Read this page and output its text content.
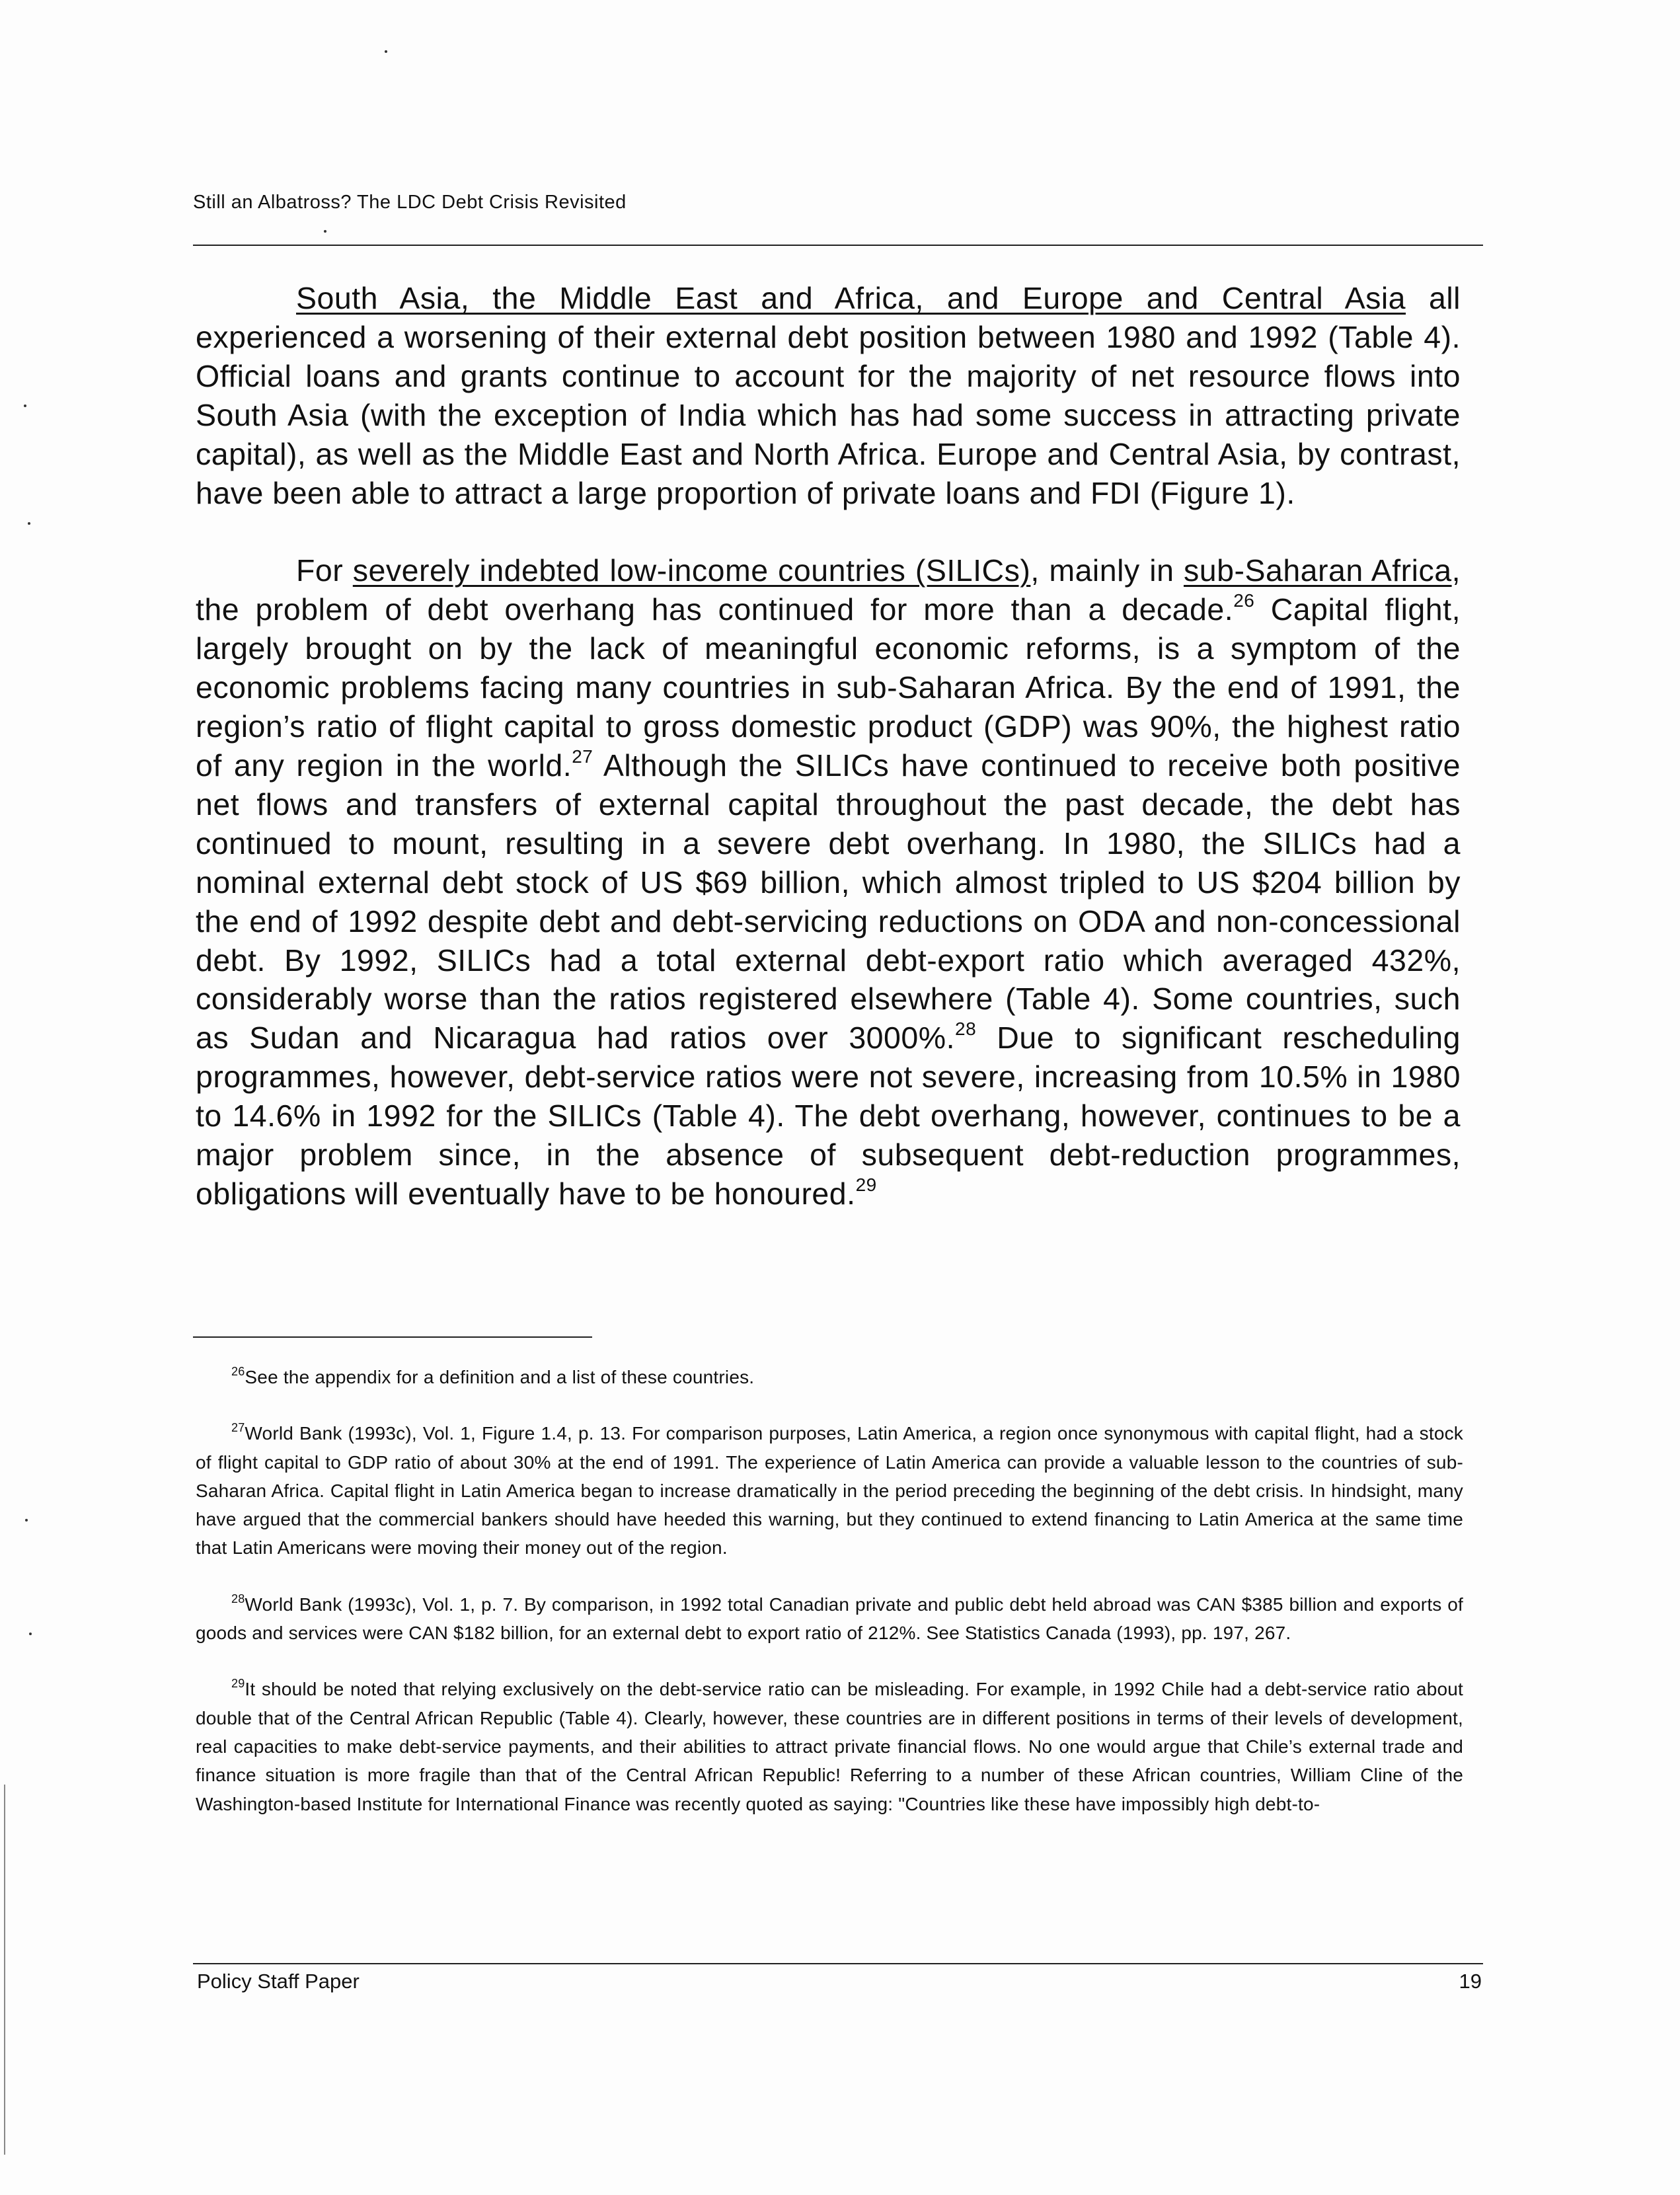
Still an Albatross? The LDC Debt Crisis Revisited

South Asia, the Middle East and Africa, and Europe and Central Asia all experienced a worsening of their external debt position between 1980 and 1992 (Table 4). Official loans and grants continue to account for the majority of net resource flows into South Asia (with the exception of India which has had some success in attracting private capital), as well as the Middle East and North Africa. Europe and Central Asia, by contrast, have been able to attract a large proportion of private loans and FDI (Figure 1).

For severely indebted low-income countries (SILICs), mainly in sub-Saharan Africa, the problem of debt overhang has continued for more than a decade.$^{26}$ Capital flight, largely brought on by the lack of meaningful economic reforms, is a symptom of the economic problems facing many countries in sub-Saharan Africa. By the end of 1991, the region’s ratio of flight capital to gross domestic product (GDP) was 90%, the highest ratio of any region in the world.$^{27}$ Although the SILICs have continued to receive both positive net flows and transfers of external capital throughout the past decade, the debt has continued to mount, resulting in a severe debt overhang. In 1980, the SILICs had a nominal external debt stock of US $69 billion, which almost tripled to US $204 billion by the end of 1992 despite debt and debt-servicing reductions on ODA and non-concessional debt. By 1992, SILICs had a total external debt-export ratio which averaged 432%, considerably worse than the ratios registered elsewhere (Table 4). Some countries, such as Sudan and Nicaragua had ratios over 3000%.$^{28}$ Due to significant rescheduling programmes, however, debt-service ratios were not severe, increasing from 10.5% in 1980 to 14.6% in 1992 for the SILICs (Table 4). The debt overhang, however, continues to be a major problem since, in the absence of subsequent debt-reduction programmes, obligations will eventually have to be honoured.$^{29}$

$^{26}$See the appendix for a definition and a list of these countries.

$^{27}$World Bank (1993c), Vol. 1, Figure 1.4, p. 13. For comparison purposes, Latin America, a region once synonymous with capital flight, had a stock of flight capital to GDP ratio of about 30% at the end of 1991. The experience of Latin America can provide a valuable lesson to the countries of sub-Saharan Africa. Capital flight in Latin America began to increase dramatically in the period preceding the beginning of the debt crisis. In hindsight, many have argued that the commercial bankers should have heeded this warning, but they continued to extend financing to Latin America at the same time that Latin Americans were moving their money out of the region.

$^{28}$World Bank (1993c), Vol. 1, p. 7. By comparison, in 1992 total Canadian private and public debt held abroad was CAN $385 billion and exports of goods and services were CAN $182 billion, for an external debt to export ratio of 212%. See Statistics Canada (1993), pp. 197, 267.

$^{29}$It should be noted that relying exclusively on the debt-service ratio can be misleading. For example, in 1992 Chile had a debt-service ratio about double that of the Central African Republic (Table 4). Clearly, however, these countries are in different positions in terms of their levels of development, real capacities to make debt-service payments, and their abilities to attract private financial flows. No one would argue that Chile’s external trade and finance situation is more fragile than that of the Central African Republic! Referring to a number of these African countries, William Cline of the Washington-based Institute for International Finance was recently quoted as saying: "Countries like these have impossibly high debt-to-

Policy Staff Paper	19
